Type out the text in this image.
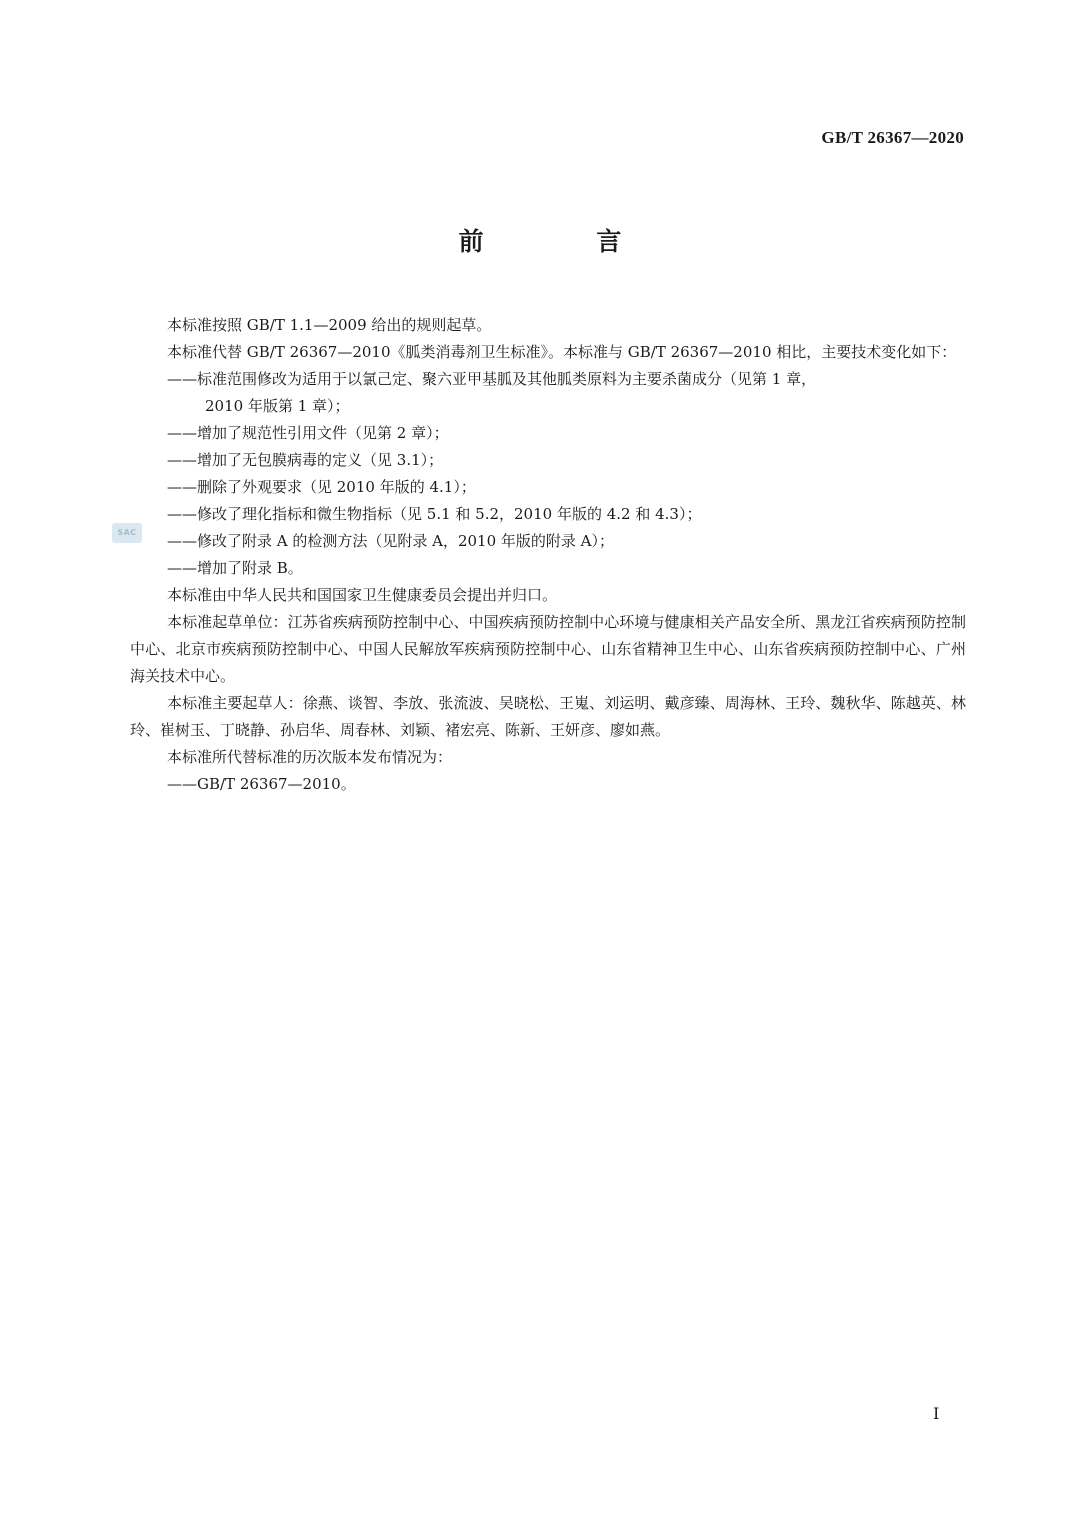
GB/T 26367—2020
前 言
SAC

本标准按照 GB/T 1.1—2009 给出的规则起草。

本标准代替 GB/T 26367—2010《胍类消毒剂卫生标准》。本标准与 GB/T 26367—2010 相比，主要技术变化如下：

——标准范围修改为适用于以氯己定、聚六亚甲基胍及其他胍类原料为主要杀菌成分（见第 1 章，
2010 年版第 1 章）；

——增加了规范性引用文件（见第 2 章）；

——增加了无包膜病毒的定义（见 3.1）；

——删除了外观要求（见 2010 年版的 4.1）；

——修改了理化指标和微生物指标（见 5.1 和 5.2，2010 年版的 4.2 和 4.3）；

——修改了附录 A 的检测方法（见附录 A，2010 年版的附录 A）；

——增加了附录 B。

本标准由中华人民共和国国家卫生健康委员会提出并归口。

本标准起草单位：江苏省疾病预防控制中心、中国疾病预防控制中心环境与健康相关产品安全所、黑龙江省疾病预防控制中心、北京市疾病预防控制中心、中国人民解放军疾病预防控制中心、山东省精神卫生中心、山东省疾病预防控制中心、广州海关技术中心。

本标准主要起草人：徐燕、谈智、李放、张流波、吴晓松、王嵬、刘运明、戴彦臻、周海林、王玲、魏秋华、陈越英、林玲、崔树玉、丁晓静、孙启华、周春林、刘颖、褚宏亮、陈新、王妍彦、廖如燕。

本标准所代替标准的历次版本发布情况为：

——GB/T 26367—2010。

I
